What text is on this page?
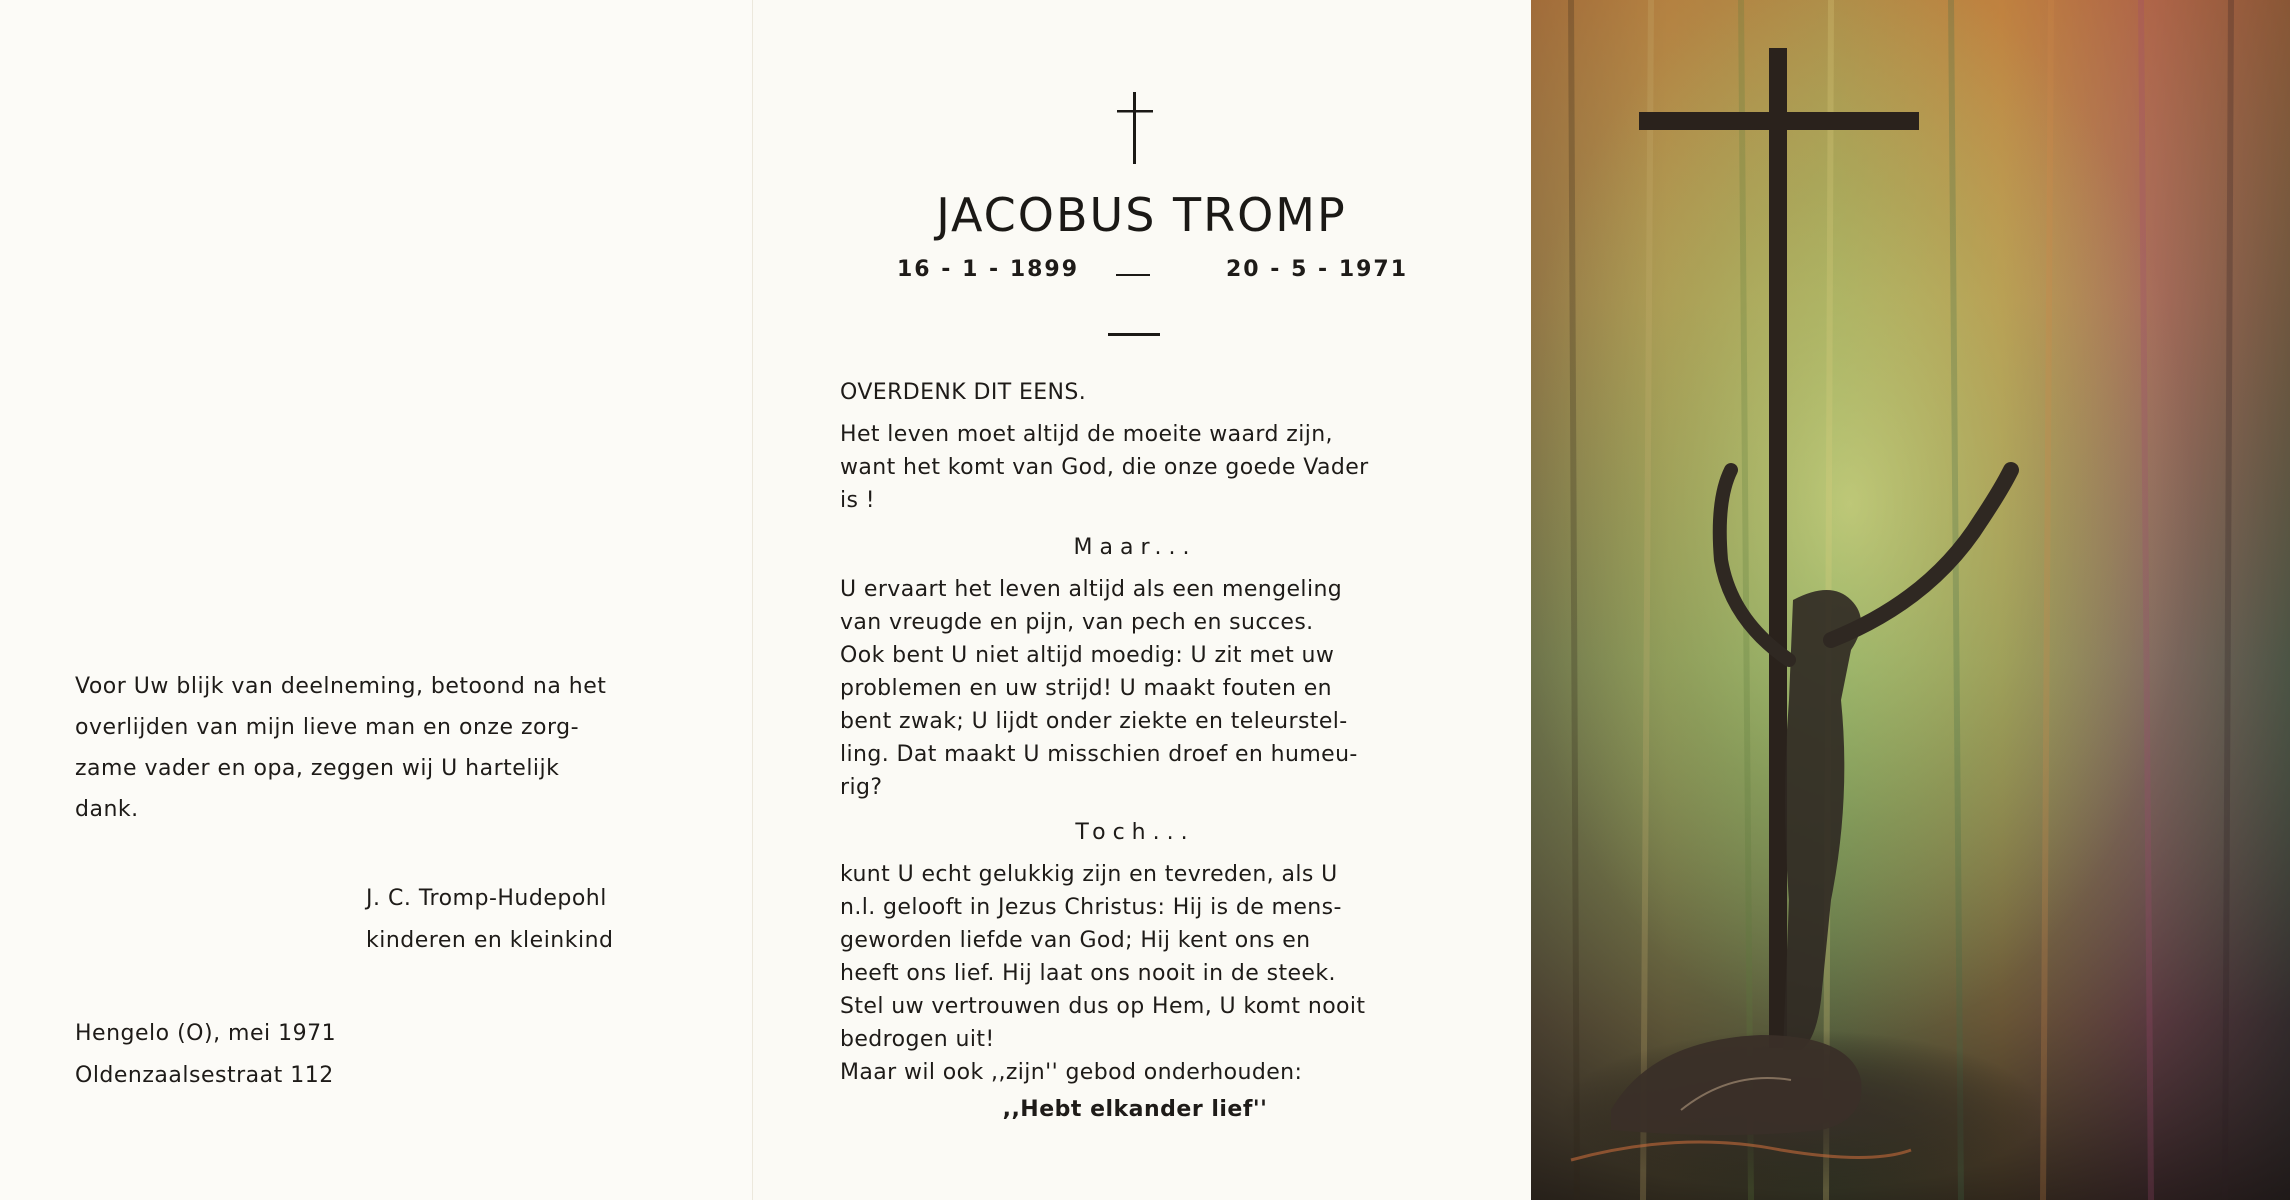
Voor Uw blijk van deelneming, betoond na het
overlijden van mijn lieve man en onze zorg-
zame vader en opa, zeggen wij U hartelijk
dank.
J. C. Tromp-Hudepohl
kinderen en kleinkind
Hengelo (O), mei 1971
Oldenzaalsestraat 112
JACOBUS TROMP
16 - 1 - 1899	20 - 5 - 1971
OVERDENK DIT EENS.
Het leven moet altijd de moeite waard zijn,
want het komt van God, die onze goede Vader
is !
Maar...
U ervaart het leven altijd als een mengeling
van vreugde en pijn, van pech en succes.
Ook bent U niet altijd moedig: U zit met uw
problemen en uw strijd! U maakt fouten en
bent zwak; U lijdt onder ziekte en teleurstel-
ling. Dat maakt U misschien droef en humeu-
rig?
Toch...
kunt U echt gelukkig zijn en tevreden, als U
n.l. gelooft in Jezus Christus: Hij is de mens-
geworden liefde van God; Hij kent ons en
heeft ons lief. Hij laat ons nooit in de steek.
Stel uw vertrouwen dus op Hem, U komt nooit
bedrogen uit!
Maar wil ook ,,zijn'' gebod onderhouden:
,,Hebt elkander lief''
